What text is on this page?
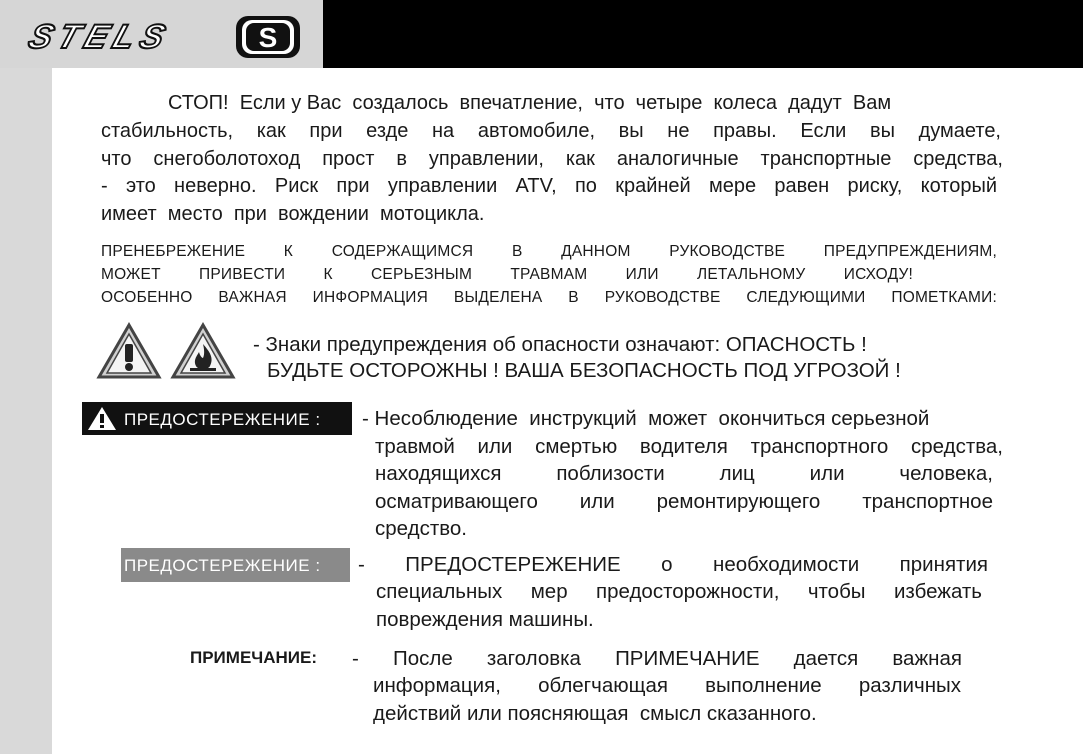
STELS	S
СТОП!  Если у Вас  создалось  впечатление,  что  четыре  колеса  дадут  Вам
стабильность, как при езде на автомобиле, вы не правы. Если вы думаете,
что снегоболотоход прост в управлении, как аналогичные транспортные средства,
- это неверно. Риск при управлении ATV, по крайней мере равен риску, который
имеет  место  при  вождении  мотоцикла.
ПРЕНЕБРЕЖЕНИЕ К СОДЕРЖАЩИМСЯ В ДАННОМ РУКОВОДСТВЕ ПРЕДУПРЕЖДЕНИЯМ,
МОЖЕТ ПРИВЕСТИ К СЕРЬЕЗНЫМ ТРАВМАМ ИЛИ ЛЕТАЛЬНОМУ ИСХОДУ!
ОСОБЕННО ВАЖНАЯ ИНФОРМАЦИЯ ВЫДЕЛЕНА В РУКОВОДСТВЕ СЛЕДУЮЩИМИ ПОМЕТКАМИ:
- Знаки предупреждения об опасности означают: ОПАСНОСТЬ !
БУДЬТЕ ОСТОРОЖНЫ ! ВАША БЕЗОПАСНОСТЬ ПОД УГРОЗОЙ !
ПРЕДОСТЕРЕЖЕНИЕ : - Несоблюдение  инструкций  может  окончиться серьезной
травмой или смертью водителя транспортного средства,
находящихся поблизости лиц или человека,
осматривающего или ремонтирующего транспортное
средство.
ПРЕДОСТЕРЕЖЕНИЕ : - ПРЕДОСТЕРЕЖЕНИЕ о необходимости принятия
специальных мер предосторожности, чтобы избежать
повреждения машины.
ПРИМЕЧАНИЕ: - После заголовка ПРИМЕЧАНИЕ дается важная
информация, облегчающая выполнение различных
действий или поясняющая  смысл сказанного.
